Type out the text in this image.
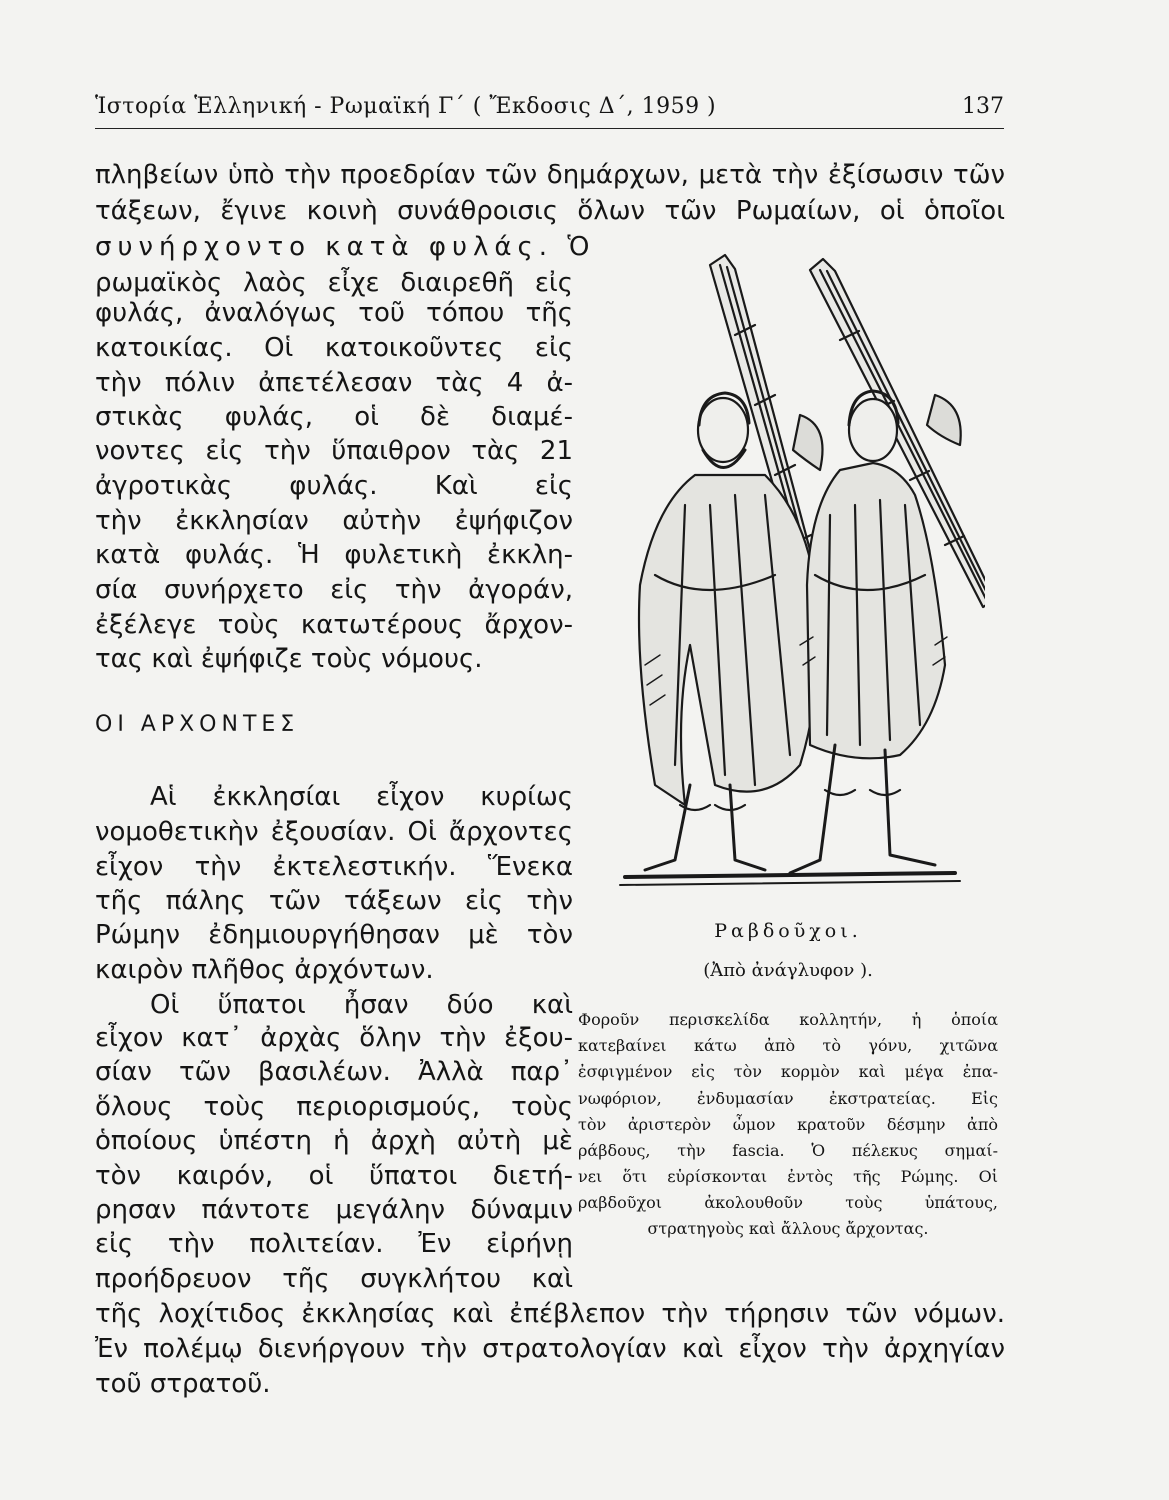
Ἱστορία Ἑλληνική - Ρωμαϊκή Γ΄ ( Ἔκδοσις Δ΄, 1959 )	137
πληβείων ὑπὸ τὴν προεδρίαν τῶν δημάρχων, μετὰ τὴν ἐξίσωσιν τῶν
τάξεων, ἔγινε κοινὴ συνάθροισις ὅλων τῶν Ρωμαίων, οἱ ὁποῖοι
συνήρχοντο κατὰ φυλάς. Ὁ
ρωμαϊκὸς λαὸς εἶχε διαιρεθῆ εἰς
φυλάς, ἀναλόγως τοῦ τόπου τῆς
κατοικίας. Οἱ κατοικοῦντες εἰς
τὴν πόλιν ἀπετέλεσαν τὰς 4 ἀ-
στικὰς φυλάς, οἱ δὲ διαμέ-
νοντες εἰς τὴν ὕπαιθρον τὰς 21
ἀγροτικὰς φυλάς. Καὶ εἰς
τὴν ἐκκλησίαν αὐτὴν ἐψήφιζον
κατὰ φυλάς. Ἡ φυλετικὴ ἐκκλη-
σία συνήρχετο εἰς τὴν ἀγοράν,
ἐξέλεγε τοὺς κατωτέρους ἄρχον-
τας καὶ ἐψήφιζε τοὺς νόμους.
ΟΙ ΑΡΧΟΝΤΕΣ
Αἱ ἐκκλησίαι εἶχον κυρίως
νομοθετικὴν ἐξουσίαν. Οἱ ἄρχοντες
εἶχον τὴν ἐκτελεστικήν. Ἕνεκα
τῆς πάλης τῶν τάξεων εἰς τὴν
Ρώμην ἐδημιουργήθησαν μὲ τὸν
καιρὸν πλῆθος ἀρχόντων.
Οἱ ὕπατοι ἦσαν δύο καὶ
εἶχον κατ᾽ ἀρχὰς ὅλην τὴν ἐξου-
σίαν τῶν βασιλέων. Ἀλλὰ παρ᾽
ὅλους τοὺς περιορισμούς, τοὺς
ὁποίους ὑπέστη ἡ ἀρχὴ αὐτὴ μὲ
τὸν καιρόν, οἱ ὕπατοι διετή-
ρησαν πάντοτε μεγάλην δύναμιν
εἰς τὴν πολιτείαν. Ἐν εἰρήνῃ
προήδρευον τῆς συγκλήτου καὶ
τῆς λοχίτιδος ἐκκλησίας καὶ ἐπέβλεπον τὴν τήρησιν τῶν νόμων.
Ἐν πολέμῳ διενήργουν τὴν στρατολογίαν καὶ εἶχον τὴν ἀρχηγίαν
τοῦ στρατοῦ.
Ραβδοῦχοι.
(Ἀπὸ ἀνάγλυφον ).
Φοροῦν περισκελίδα κολλητήν, ἡ ὁποία
κατεβαίνει κάτω ἀπὸ τὸ γόνυ, χιτῶνα
ἐσφιγμένον εἰς τὸν κορμὸν καὶ μέγα ἐπα-
νωφόριον, ἐνδυμασίαν ἐκστρατείας. Εἰς
τὸν ἀριστερὸν ὦμον κρατοῦν δέσμην ἀπὸ
ράβδους, τὴν fascia. Ὁ πέλεκυς σημαί-
νει ὅτι εὑρίσκονται ἐντὸς τῆς Ρώμης. Οἱ
ραβδοῦχοι ἀκολουθοῦν τοὺς ὑπάτους,
στρατηγοὺς καὶ ἄλλους ἄρχοντας.
